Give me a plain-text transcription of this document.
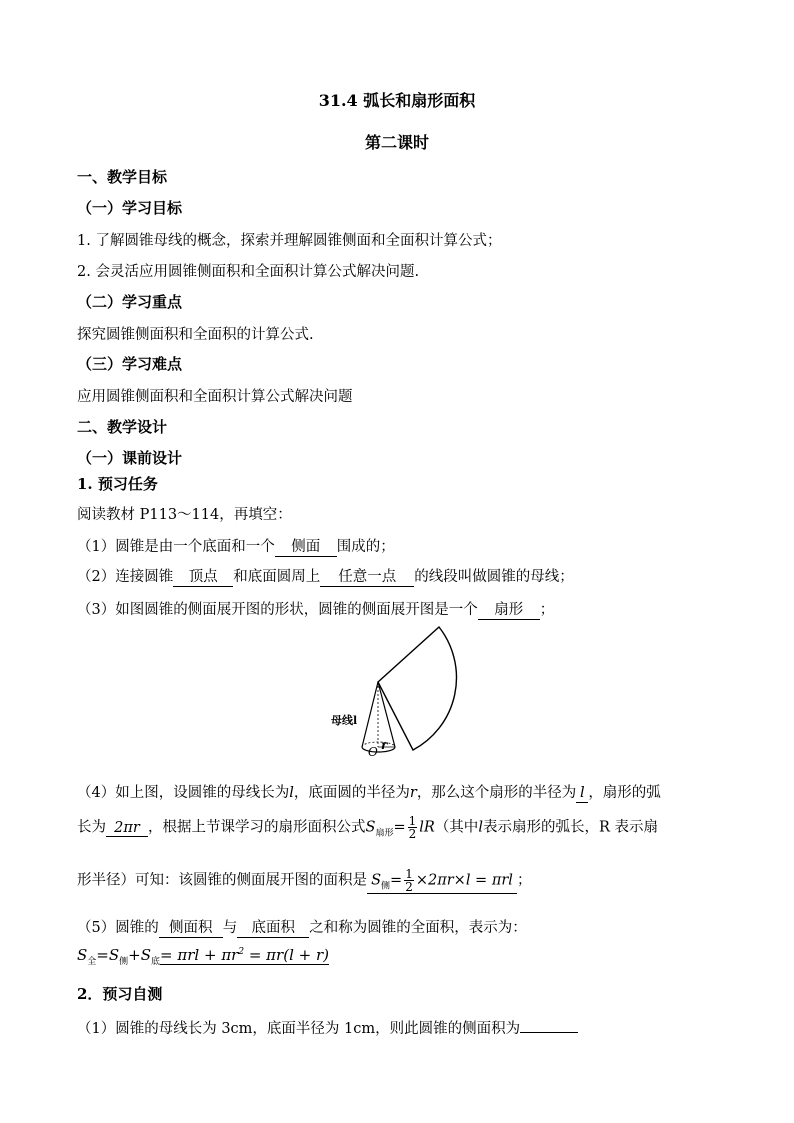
31.4 弧长和扇形面积
第二课时
一、教学目标
（一）学习目标
1. 了解圆锥母线的概念，探索并理解圆锥侧面和全面积计算公式；
2. 会灵活应用圆锥侧面积和全面积计算公式解决问题.
（二）学习重点
探究圆锥侧面积和全面积的计算公式.
（三）学习难点
应用圆锥侧面积和全面积计算公式解决问题
二、教学设计
（一）课前设计
1. 预习任务
阅读教材 P113～114，再填空：
（1）圆锥是由一个底面和一个 侧面 围成的；
（2）连接圆锥 顶点 和底面圆周上 任意一点 的线段叫做圆锥的母线；
（3）如图圆锥的侧面展开图的形状，圆锥的侧面展开图是一个 扇形 ；
母线l
O r
（4）如上图，设圆锥的母线长为l，底面圆的半径为r，那么这个扇形的半径为 l ，扇形的弧
长为 2πr ，根据上节课学习的扇形面积公式$S_{扇形}= \frac{1}{2} lR$（其中l表示扇形的弧长，R 表示扇
形半径）可知：该圆锥的侧面展开图的面积是 $S_侧= \frac{1}{2} \times 2\pi r\times l = \pi rl$ ；
（5）圆锥的 侧面积 与 底面积 之和称为圆锥的全面积，表示为：
$S_全=S_侧+S_底= \pi rl + \pi r^2 = \pi r(l + r)$
2．预习自测
（1）圆锥的母线长为 3cm，底面半径为 1cm，则此圆锥的侧面积为
